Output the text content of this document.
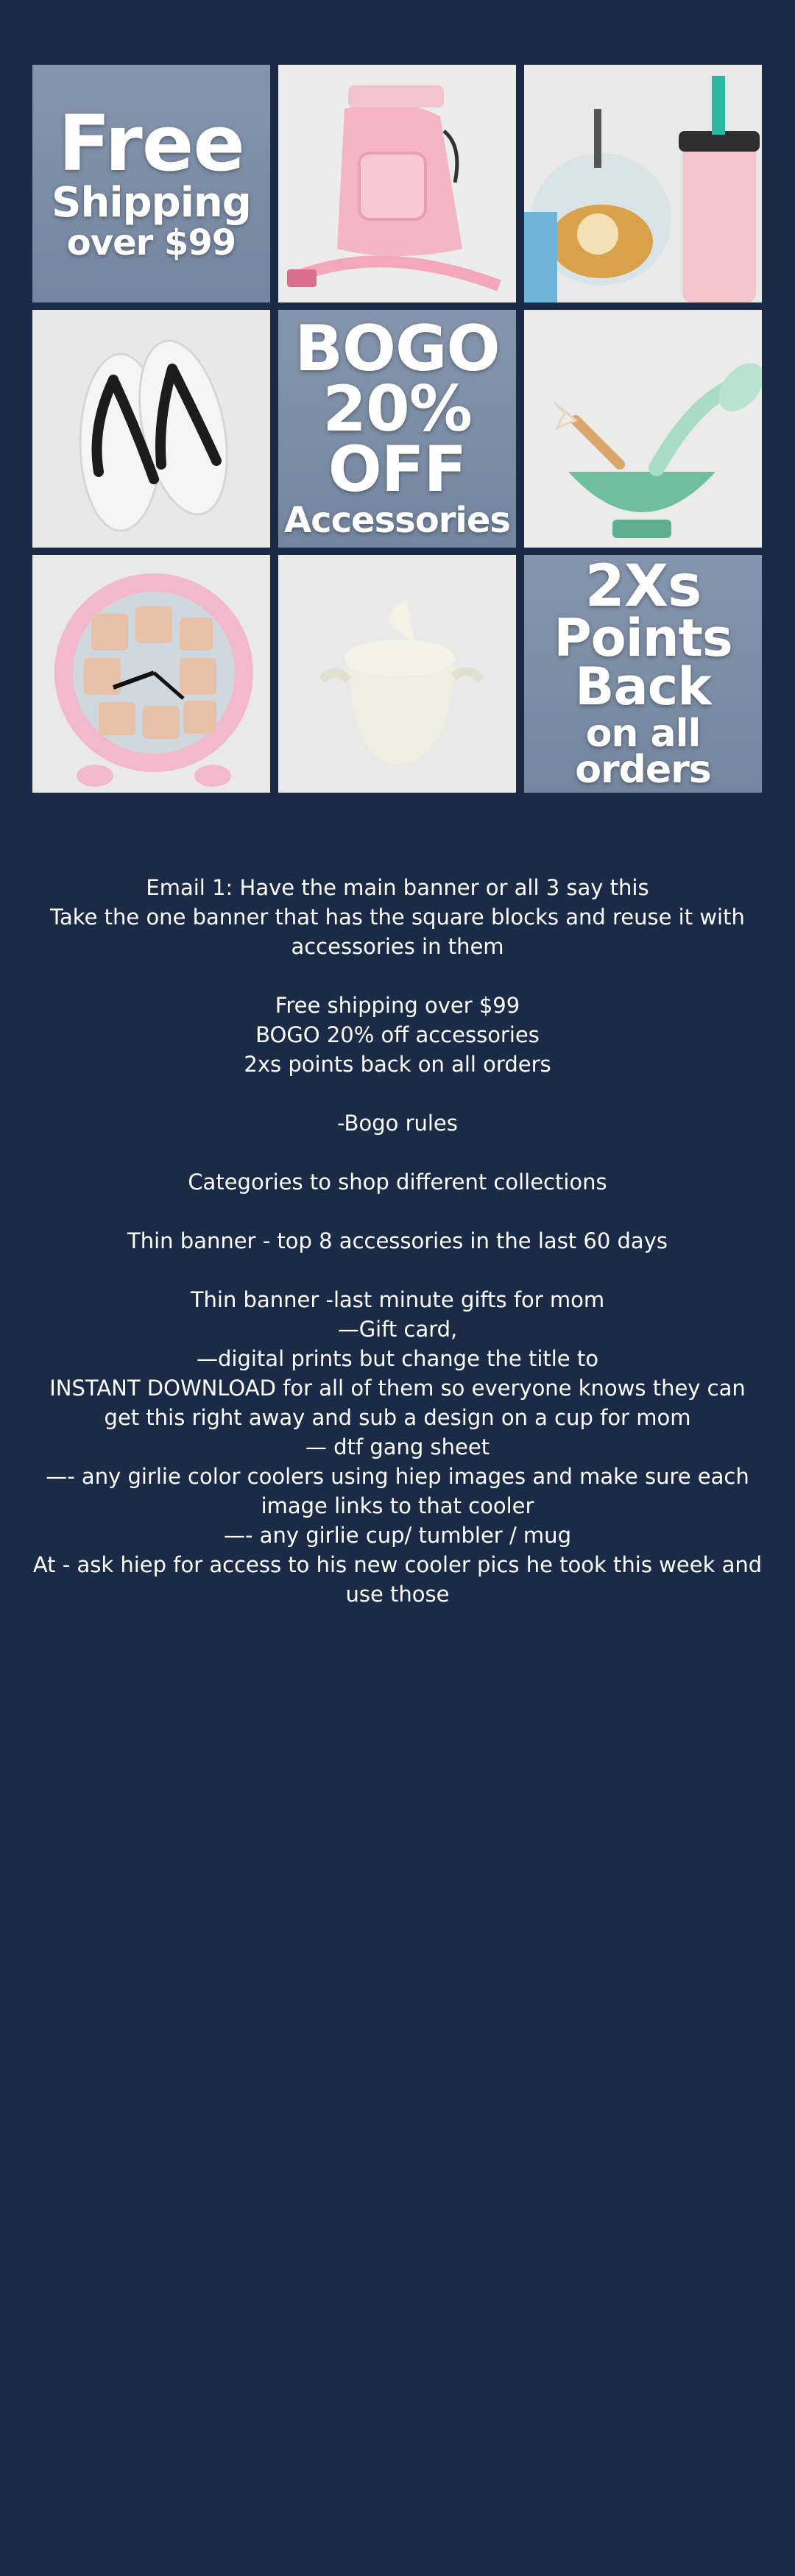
Free
Shipping
over $99
BOGO
20%
OFF
Accessories
2Xs
Points
Back
on all orders
Email 1: Have the main banner or all 3 say this
Take the one banner that has the square blocks and reuse it with accessories in them
Free shipping over $99
BOGO 20% off accessories
2xs points back on all orders
-Bogo rules
Categories to shop different collections
Thin banner - top 8 accessories in the last 60 days
Thin banner -last minute gifts for mom
—Gift card,
—digital prints but change the title to
INSTANT DOWNLOAD for all of them so everyone knows they can get this right away and sub a design on a cup for mom
— dtf gang sheet
—- any girlie color coolers using hiep images and make sure each image links to that cooler
—- any girlie cup/ tumbler / mug
At - ask hiep for access to his new cooler pics he took this week and use those
